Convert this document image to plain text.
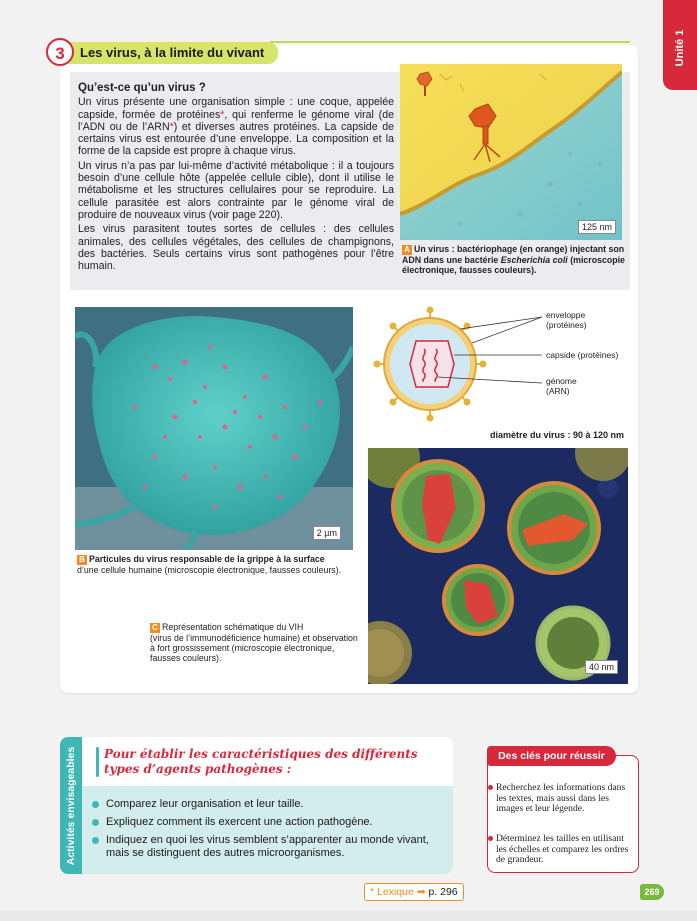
Unité 1
3	Les virus, à la limite du vivant
Qu’est-ce qu’un virus ?

Un virus présente une organisation simple : une coque, appelée capside, formée de protéines*, qui renferme le génome viral (de l’ADN ou de l’ARN*) et diverses autres protéines. La capside de certains virus est entourée d’une enveloppe. La composition et la forme de la capside est propre à chaque virus.

Un virus n’a pas par lui-même d’activité métabolique : il a toujours besoin d’une cellule hôte (appelée cellule cible), dont il utilise le métabolisme et les structures cellulaires pour se reproduire. La cellule parasitée est alors contrainte par le génome viral de produire de nouveaux virus (voir page 220).

Les virus parasitent toutes sortes de cellules : des cellules animales, des cellules végétales, des cellules de champignons, des bactéries. Seuls certains virus sont pathogènes pour l’être humain.

125 nm
A Un virus : bactériophage (en orange) injectant son ADN dans une bactérie Escherichia coli (microscopie électronique, fausses couleurs).
2 µm
B Particules du virus responsable de la grippe à la surface
d’une cellule humaine (microscopie électronique, fausses couleurs).
enveloppe
(protéines)
capside (protéines)
génome
(ARN)
diamètre du virus : 90 à 120 nm
40 nm
C Représentation schématique du VIH
(virus de l’immunodéficience humaine) et observation à fort grossissement (microscopie électronique, fausses couleurs).
Activités envisageables Pour établir les caractéristiques des différents types d’agents pathogènes :
Comparez leur organisation et leur taille.
Expliquez comment ils exercent une action pathogène.
Indiquez en quoi les virus semblent s’apparenter au monde vivant, mais se distinguent des autres microorganismes.
Des clés pour réussir
Recherchez les informations dans les textes, mais aussi dans les images et leur légende.
Déterminez les tailles en utilisant les échelles et comparez les ordres de grandeur.
* Lexique ➡ p. 296	269
